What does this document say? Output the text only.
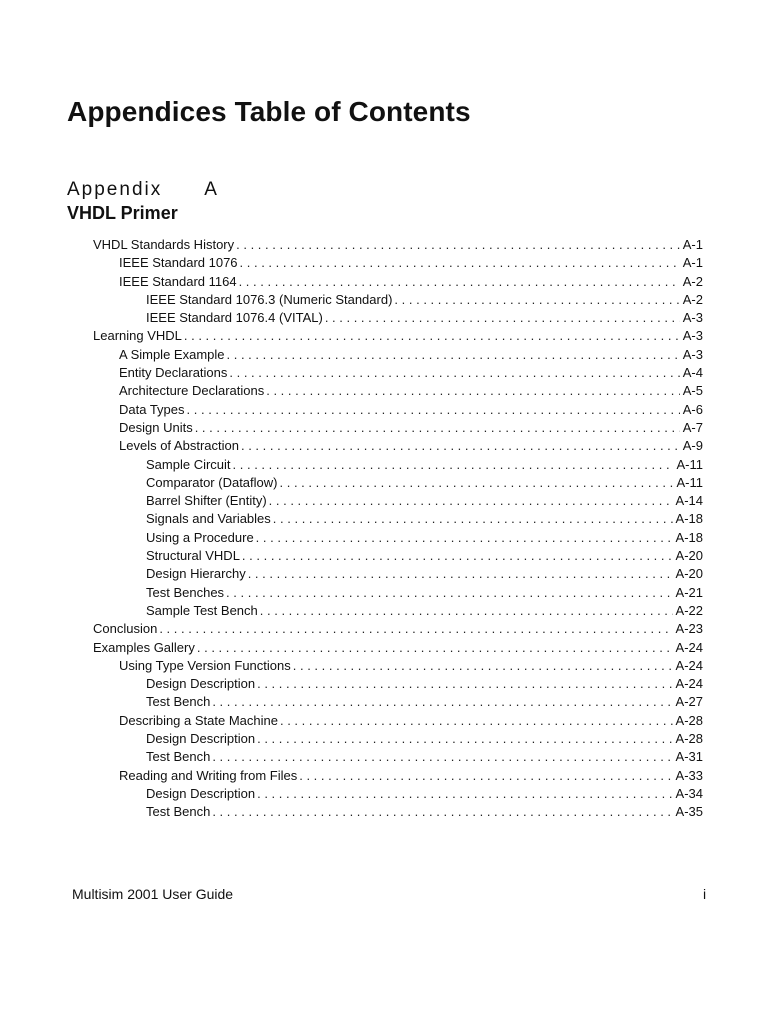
Appendices Table of Contents
Appendix A
VHDL Primer
VHDL Standards History . . .	A-1
IEEE Standard 1076 . . .	A-1
IEEE Standard 1164 . . .	A-2
IEEE Standard 1076.3 (Numeric Standard) . . .	A-2
IEEE Standard 1076.4 (VITAL) . . .	A-3
Learning VHDL . . .	A-3
A Simple Example . . .	A-3
Entity Declarations . . .	A-4
Architecture Declarations . . .	A-5
Data Types . . .	A-6
Design Units . . .	A-7
Levels of Abstraction . . .	A-9
Sample Circuit . . .	A-11
Comparator (Dataflow) . . .	A-11
Barrel Shifter (Entity) . . .	A-14
Signals and Variables . . .	A-18
Using a Procedure . . .	A-18
Structural VHDL . . .	A-20
Design Hierarchy . . .	A-20
Test Benches . . .	A-21
Sample Test Bench . . .	A-22
Conclusion . . .	A-23
Examples Gallery . . .	A-24
Using Type Version Functions . . .	A-24
Design Description . . .	A-24
Test Bench . . .	A-27
Describing a State Machine . . .	A-28
Design Description . . .	A-28
Test Bench . . .	A-31
Reading and Writing from Files . . .	A-33
Design Description . . .	A-34
Test Bench . . .	A-35
Multisim 2001 User Guide	i
